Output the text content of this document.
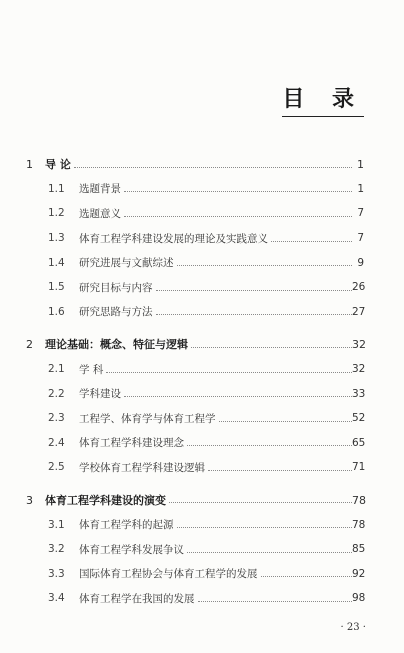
目 录
1 导 论	1
1.1 选题背景	1
1.2 选题意义	7
1.3 体育工程学科建设发展的理论及实践意义	7
1.4 研究进展与文献综述	9
1.5 研究目标与内容	26
1.6 研究思路与方法	27
2 理论基础：概念、特征与逻辑	32
2.1 学 科	32
2.2 学科建设	33
2.3 工程学、体育学与体育工程学	52
2.4 体育工程学科建设理念	65
2.5 学校体育工程学科建设逻辑	71
3 体育工程学科建设的演变	78
3.1 体育工程学科的起源	78
3.2 体育工程学科发展争议	85
3.3 国际体育工程协会与体育工程学的发展	92
3.4 体育工程学在我国的发展	98
· 23 ·
